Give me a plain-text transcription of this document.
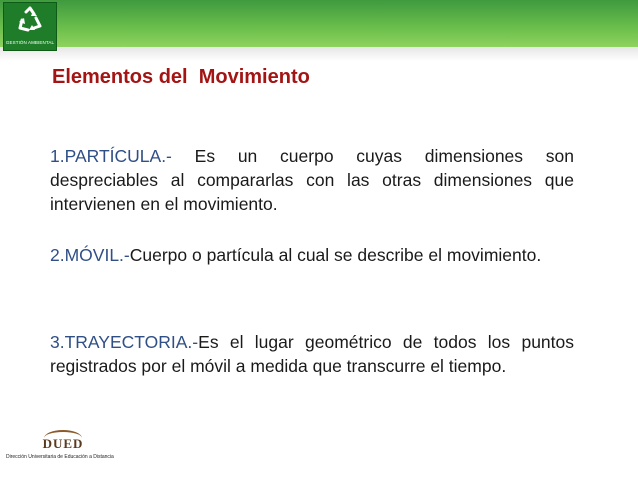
GESTIÓN AMBIENTAL
Elementos del  Movimiento
1.PARTÍCULA.- Es un cuerpo cuyas dimensiones son despreciables al compararlas con las otras dimensiones que intervienen en el movimiento.
2.MÓVIL.-Cuerpo o partícula al cual se describe el movimiento.
3.TRAYECTORIA.-Es el lugar geométrico de todos los puntos registrados por el móvil a medida que transcurre el tiempo.
DUED
Dirección Universitaria de Educación a Distancia
